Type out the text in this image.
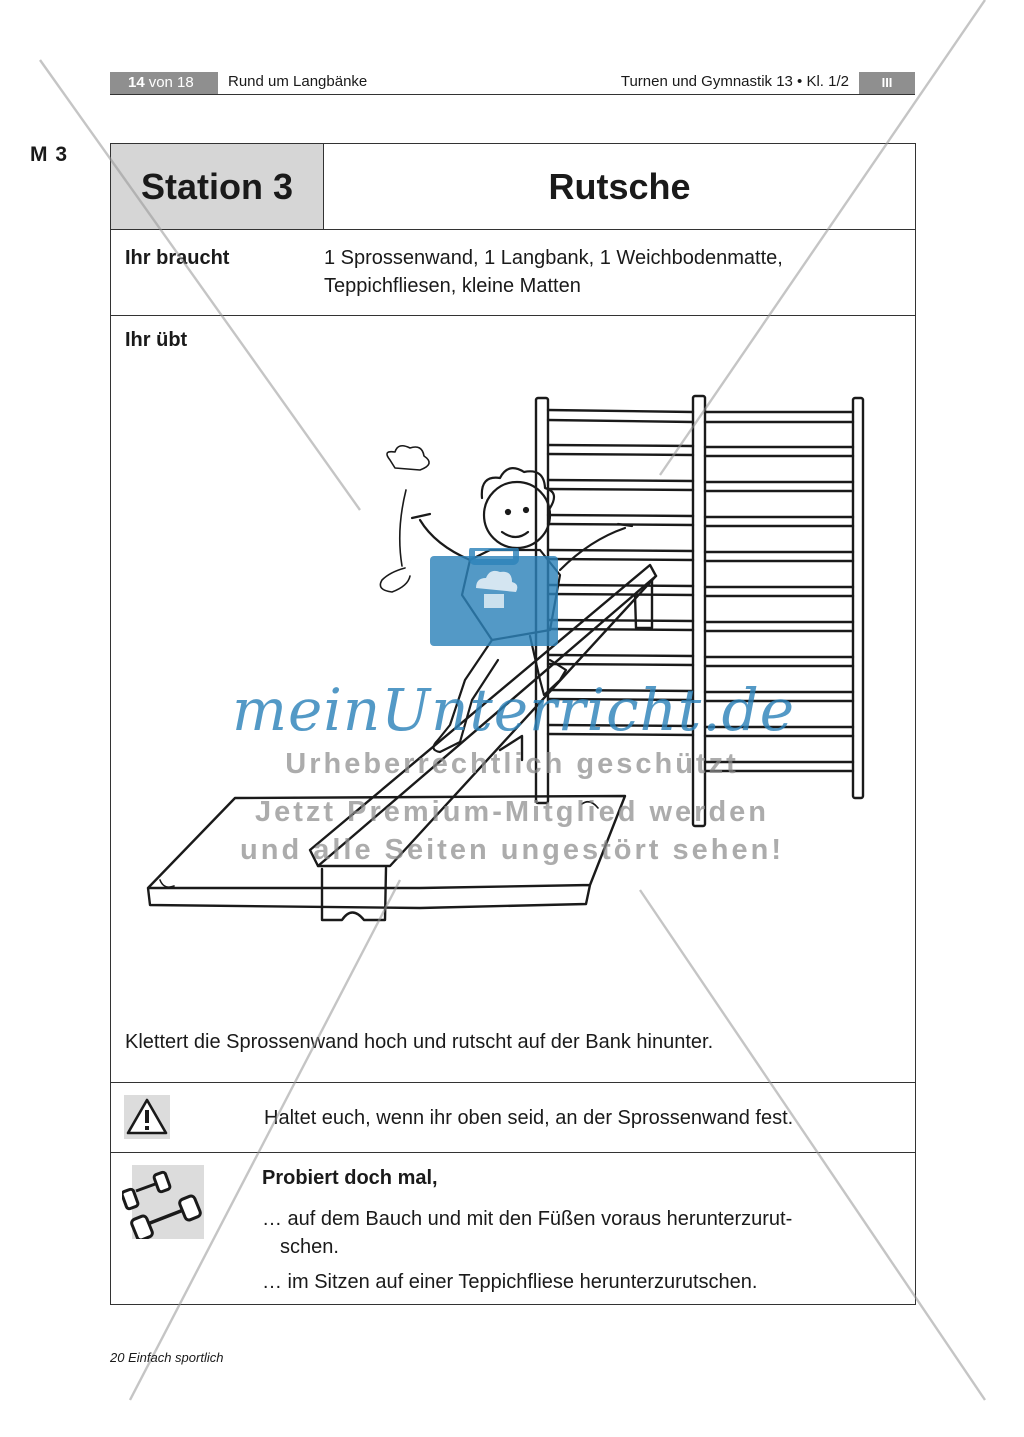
14 von 18	Rund um Langbänke	Turnen und Gymnastik 13 • Kl. 1/2	III
M 3
Station 3	Rutsche
Ihr braucht	1 Sprossenwand, 1 Langbank, 1 Weichbodenmatte,
Teppichfliesen, kleine Matten
Ihr übt
Klettert die Sprossenwand hoch und rutscht auf der Bank hinunter.
Haltet euch, wenn ihr oben seid, an der Sprossenwand fest.
meinUnterricht.de
Urheberrechtlich geschützt
Jetzt Premium-Mitglied werden
und alle Seiten ungestört sehen!
Probiert doch mal,
… auf dem Bauch und mit den Füßen voraus herunterzurut-
schen.
… im Sitzen auf einer Teppichfliese herunterzurutschen.
20 Einfach sportlich
